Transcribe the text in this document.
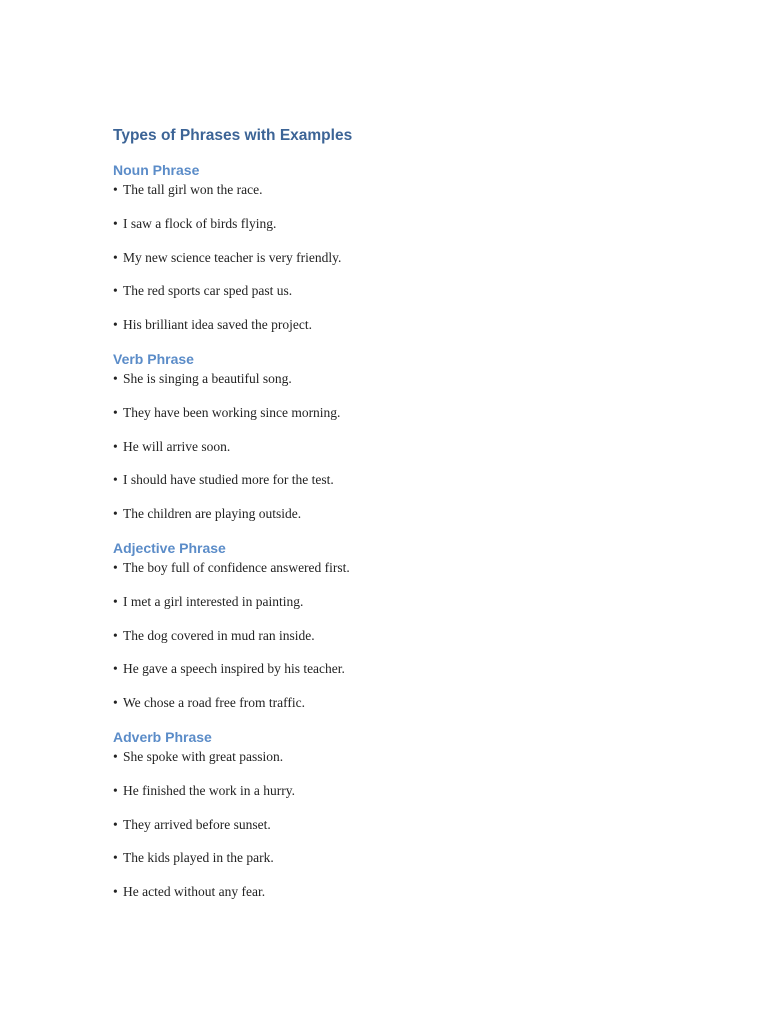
Types of Phrases with Examples
Noun Phrase
• The tall girl won the race.
• I saw a flock of birds flying.
• My new science teacher is very friendly.
• The red sports car sped past us.
• His brilliant idea saved the project.
Verb Phrase
• She is singing a beautiful song.
• They have been working since morning.
• He will arrive soon.
• I should have studied more for the test.
• The children are playing outside.
Adjective Phrase
• The boy full of confidence answered first.
• I met a girl interested in painting.
• The dog covered in mud ran inside.
• He gave a speech inspired by his teacher.
• We chose a road free from traffic.
Adverb Phrase
• She spoke with great passion.
• He finished the work in a hurry.
• They arrived before sunset.
• The kids played in the park.
• He acted without any fear.
